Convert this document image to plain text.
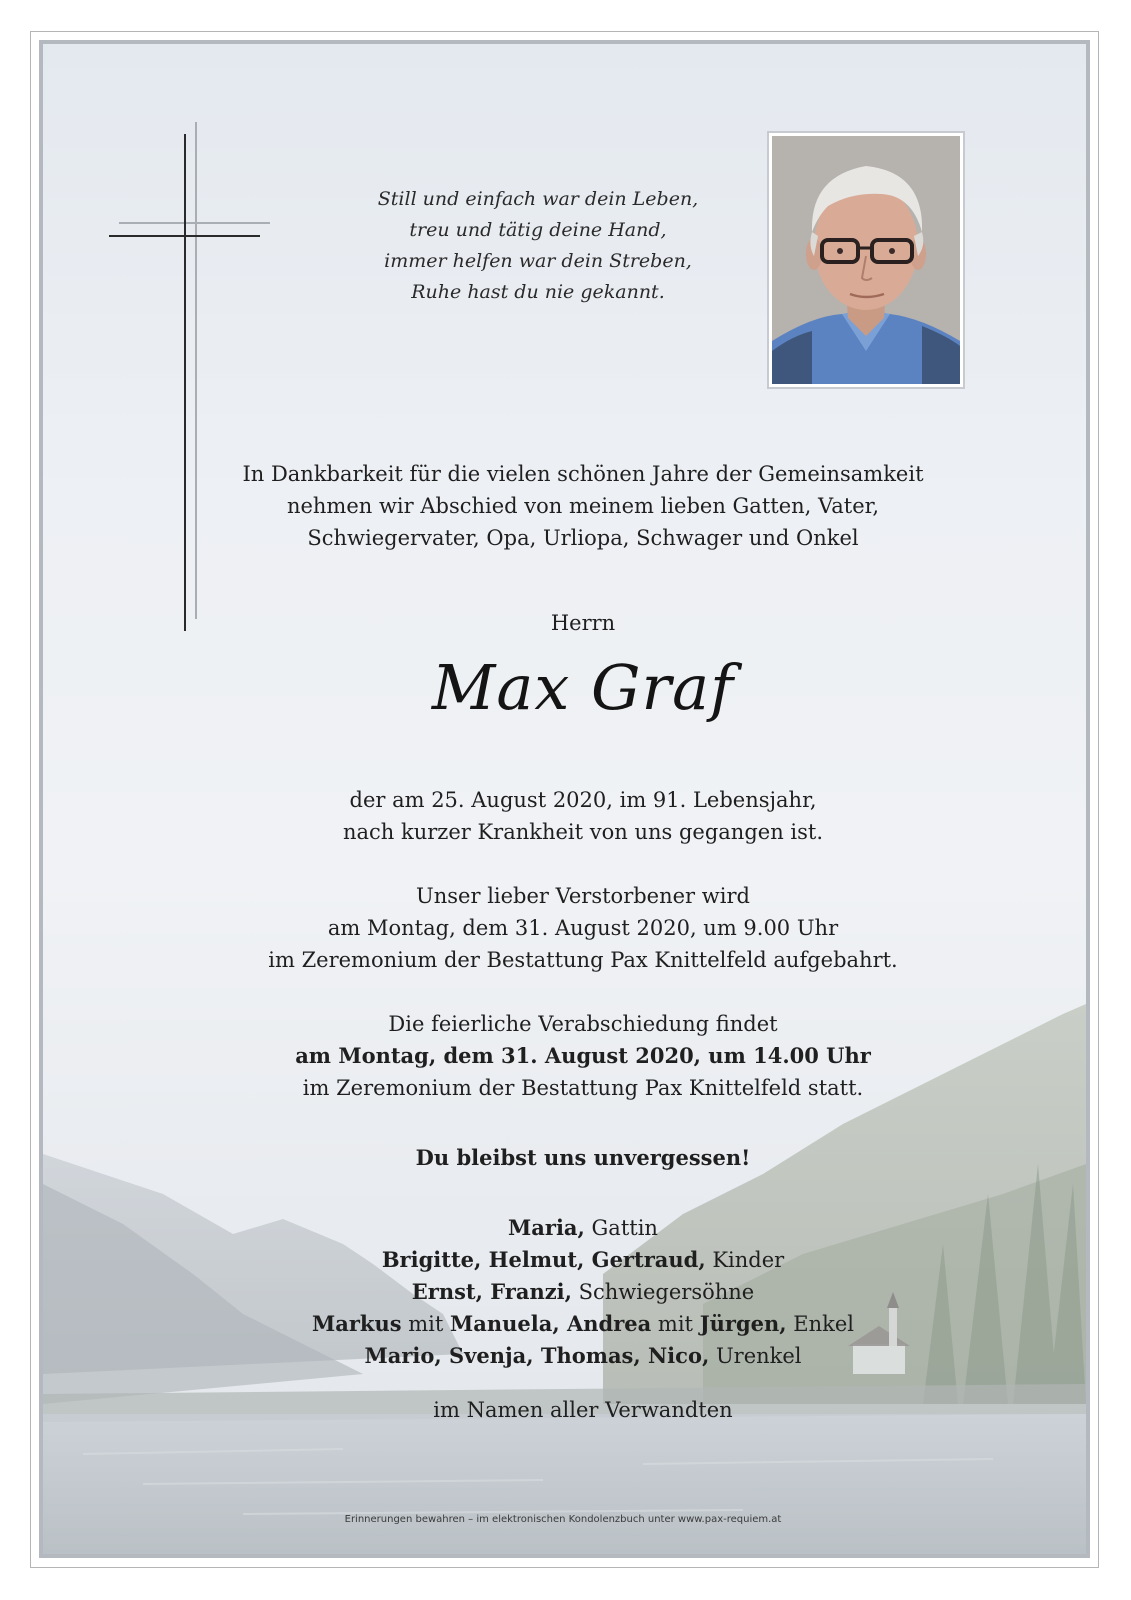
Still und einfach war dein Leben,
treu und tätig deine Hand,
immer helfen war dein Streben,
Ruhe hast du nie gekannt.
In Dankbarkeit für die vielen schönen Jahre der Gemeinsamkeit
nehmen wir Abschied von meinem lieben Gatten, Vater,
Schwiegervater, Opa, Urliopa, Schwager und Onkel
Herrn
Max Graf
der am 25. August 2020, im 91. Lebensjahr,
nach kurzer Krankheit von uns gegangen ist.
Unser lieber Verstorbener wird
am Montag, dem 31. August 2020, um 9.00 Uhr
im Zeremonium der Bestattung Pax Knittelfeld aufgebahrt.
Die feierliche Verabschiedung findet
am Montag, dem 31. August 2020, um 14.00 Uhr
im Zeremonium der Bestattung Pax Knittelfeld statt.
Du bleibst uns unvergessen!
Maria, Gattin
Brigitte, Helmut, Gertraud, Kinder
Ernst, Franzi, Schwiegersöhne
Markus mit Manuela, Andrea mit Jürgen, Enkel
Mario, Svenja, Thomas, Nico, Urenkel
im Namen aller Verwandten
Erinnerungen bewahren – im elektronischen Kondolenzbuch unter www.pax-requiem.at
